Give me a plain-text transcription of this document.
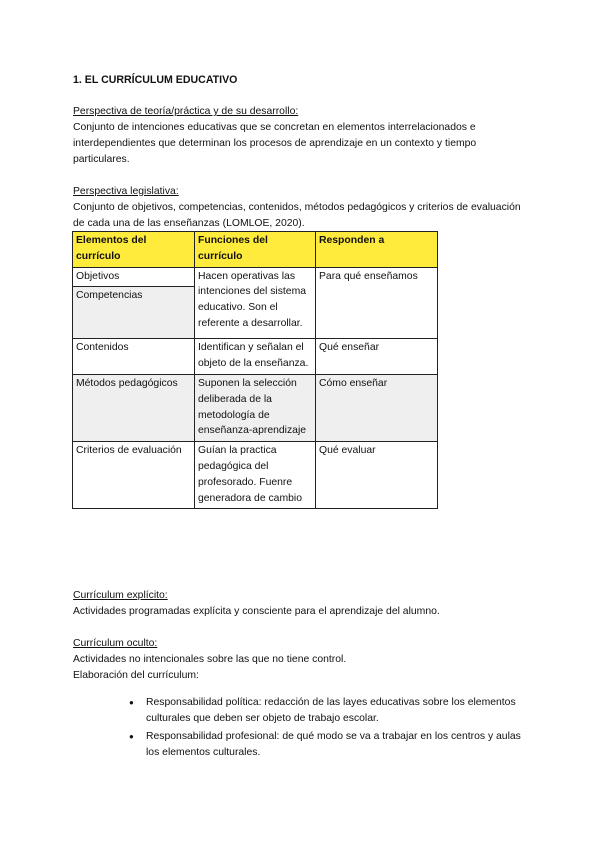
1. EL CURRÍCULUM EDUCATIVO

Perspectiva de teoría/práctica y de su desarrollo:

Conjunto de intenciones educativas que se concretan en elementos interrelacionados e interdependientes que determinan los procesos de aprendizaje en un contexto y tiempo particulares.

Perspectiva legislativa:

Conjunto de objetivos, competencias, contenidos, métodos pedagógicos y criterios de evaluación de cada una de las enseñanzas (LOMLOE, 2020).

Elementos del currículo	Funciones del currículo	Responden a
Objetivos	Hacen operativas las intenciones del sistema educativo. Son el referente a desarrollar.	Para qué enseñamos
Competencias		
Contenidos	Identifican y señalan el objeto de la enseñanza.	Qué enseñar
Métodos pedagógicos	Suponen la selección deliberada de la metodología de enseñanza-aprendizaje	Cómo enseñar
Criterios de evaluación	Guían la practica pedagógica del profesorado. Fuenre generadora de cambio	Qué evaluar

Currículum explícito:

Actividades programadas explícita y consciente para el aprendizaje del alumno.

Currículum oculto:

Actividades no intencionales sobre las que no tiene control.

Elaboración del currículum:

● Responsabilidad política: redacción de las layes educativas sobre los elementos culturales que deben ser objeto de trabajo escolar.
● Responsabilidad profesional: de qué modo se va a trabajar en los centros y aulas los elementos culturales.
